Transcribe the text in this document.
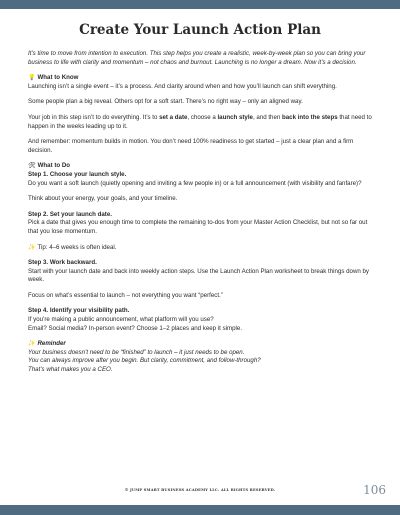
Create Your Launch Action Plan

It’s time to move from intention to execution. This step helps you create a realistic, week-by-week plan so you can bring your business to life with clarity and momentum – not chaos and burnout. Launching is no longer a dream. Now it’s a decision.

💡 What to Know

Launching isn’t a single event – it’s a process. And clarity around when and how you’ll launch can shift everything.

Some people plan a big reveal. Others opt for a soft start. There’s no right way – only an aligned way.

Your job in this step isn’t to do everything. It’s to set a date, choose a launch style, and then back into the steps that need to happen in the weeks leading up to it.

And remember: momentum builds in motion. You don’t need 100% readiness to get started – just a clear plan and a firm decision.

🛠 What to Do

Step 1. Choose your launch style.

Do you want a soft launch (quietly opening and inviting a few people in) or a full announcement (with visibility and fanfare)?

Think about your energy, your goals, and your timeline.

Step 2. Set your launch date.

Pick a date that gives you enough time to complete the remaining to-dos from your Master Action Checklist, but not so far out that you lose momentum.

✨ Tip: 4–6 weeks is often ideal.

Step 3. Work backward.

Start with your launch date and back into weekly action steps. Use the Launch Action Plan worksheet to break things down by week.

Focus on what’s essential to launch – not everything you want “perfect.”

Step 4. Identify your visibility path.

If you’re making a public announcement, what platform will you use?

Email? Social media? In-person event? Choose 1–2 places and keep it simple.

✨ Reminder

Your business doesn’t need to be “finished” to launch – it just needs to be open.

You can always improve after you begin. But clarity, commitment, and follow-through?

That’s what makes you a CEO.

© JUMP SMART BUSINESS ACADEMY LLC. ALL RIGHTS RESERVED.	106
